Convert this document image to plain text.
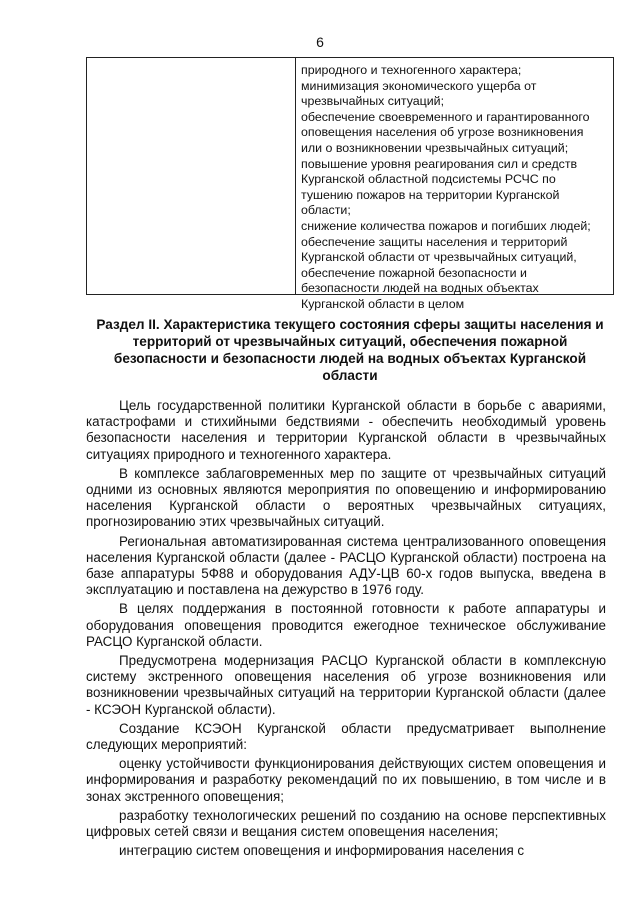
6
природного и техногенного характера;
минимизация экономического ущерба от
чрезвычайных ситуаций;
обеспечение своевременного и гарантированного
оповещения населения об угрозе возникновения
или о возникновении чрезвычайных ситуаций;
повышение уровня реагирования сил и средств
Курганской областной подсистемы РСЧС по
тушению пожаров на территории Курганской
области;
снижение количества пожаров и погибших людей;
обеспечение защиты населения и территорий
Курганской области от чрезвычайных ситуаций,
обеспечение пожарной безопасности и
безопасности людей на водных объектах
Курганской области в целом
Раздел II. Характеристика текущего состояния сферы защиты населения и территорий от чрезвычайных ситуаций, обеспечения пожарной безопасности и безопасности людей на водных объектах Курганской области

Цель государственной политики Курганской области в борьбе с авариями, катастрофами и стихийными бедствиями - обеспечить необходимый уровень безопасности населения и территории Курганской области в чрезвычайных ситуациях природного и техногенного характера.

В комплексе заблаговременных мер по защите от чрезвычайных ситуаций одними из основных являются мероприятия по оповещению и информированию населения Курганской области о вероятных чрезвычайных ситуациях, прогнозированию этих чрезвычайных ситуаций.

Региональная автоматизированная система централизованного оповещения населения Курганской области (далее - РАСЦО Курганской области) построена на базе аппаратуры 5Ф88 и оборудования АДУ-ЦВ 60-х годов выпуска, введена в эксплуатацию и поставлена на дежурство в 1976 году.

В целях поддержания в постоянной готовности к работе аппаратуры и оборудования оповещения проводится ежегодное техническое обслуживание РАСЦО Курганской области.

Предусмотрена модернизация РАСЦО Курганской области в комплексную систему экстренного оповещения населения об угрозе возникновения или возникновении чрезвычайных ситуаций на территории Курганской области (далее - КСЭОН Курганской области).

Создание КСЭОН Курганской области предусматривает выполнение следующих мероприятий:

оценку устойчивости функционирования действующих систем оповещения и информирования и разработку рекомендаций по их повышению, в том числе и в зонах экстренного оповещения;

разработку технологических решений по созданию на основе перспективных цифровых сетей связи и вещания систем оповещения населения;

интеграцию систем оповещения и информирования населения с
